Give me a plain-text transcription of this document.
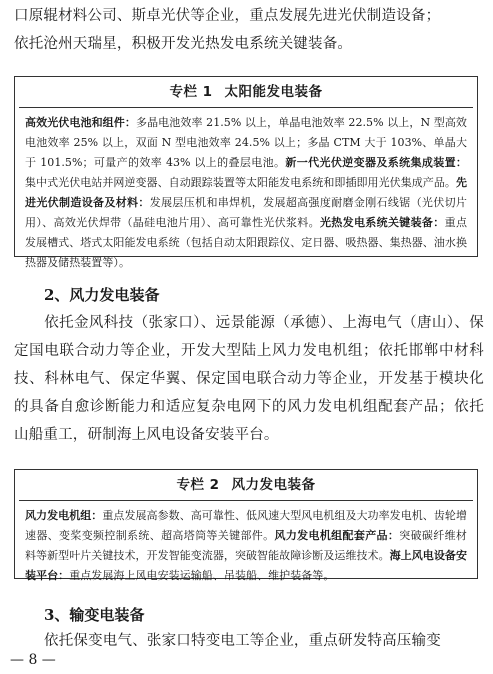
口原辊材料公司、斯卓光伏等企业，重点发展先进光伏制造设备；
依托沧州天瑞星，积极开发光热发电系统关键装备。

专栏 1 太阳能发电装备

高效光伏电池和组件：多晶电池效率 21.5% 以上，单晶电池效率 22.5% 以上，N 型高效电池效率 25% 以上，双面 N 型电池效率 24.5% 以上；多晶 CTM 大于 103%、单晶大于 101.5%；可量产的效率 43% 以上的叠层电池。新一代光伏逆变器及系统集成装置：集中式光伏电站并网逆变器、自动跟踪装置等太阳能发电系统和即插即用光伏集成产品。先进光伏制造设备及材料：发展层压机和串焊机，发展超高强度耐磨金刚石线锯（光伏切片用）、高效光伏焊带（晶硅电池片用）、高可靠性光伏浆料。光热发电系统关键装备：重点发展槽式、塔式太阳能发电系统（包括自动太阳跟踪仪、定日器、吸热器、集热器、油水换热器及储热装置等）。

2、风力发电装备

依托金风科技（张家口）、远景能源（承德）、上海电气（唐山）、保定国电联合动力等企业，开发大型陆上风力发电机组；依托邯郸中材科技、科林电气、保定华翼、保定国电联合动力等企业，开发基于模块化的具备自愈诊断能力和适应复杂电网下的风力发电机组配套产品；依托山船重工，研制海上风电设备安装平台。

专栏 2 风力发电装备

风力发电机组：重点发展高参数、高可靠性、低风速大型风电机组及大功率发电机、齿轮增速器、变桨变频控制系统、超高塔筒等关键部件。风力发电机组配套产品：突破碳纤维材料等新型叶片关键技术，开发智能变流器，突破智能故障诊断及运维技术。海上风电设备安装平台：重点发展海上风电安装运输船、吊装船、维护装备等。

3、输变电装备

依托保变电气、张家口特变电工等企业，重点研发特高压输变

— 8 —
